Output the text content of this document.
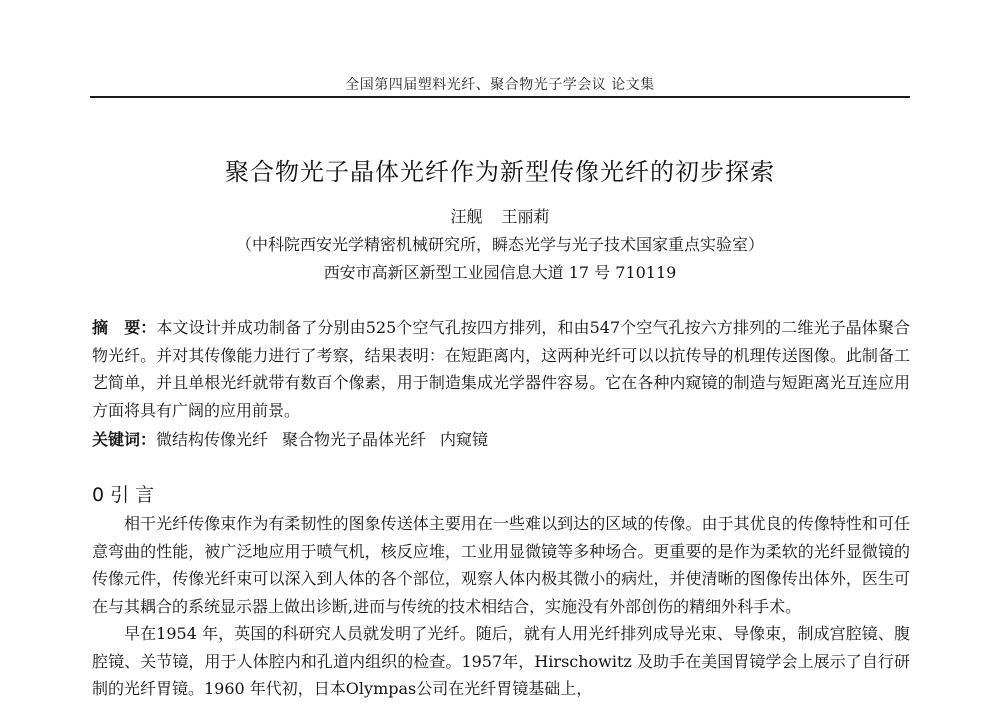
全国第四届塑料光纤、聚合物光子学会议 论文集
聚合物光子晶体光纤作为新型传像光纤的初步探索
汪舰 王丽莉
（中科院西安光学精密机械研究所，瞬态光学与光子技术国家重点实验室）
西安市高新区新型工业园信息大道 17 号 710119
摘　要：本文设计并成功制备了分别由525个空气孔按四方排列，和由547个空气孔按六方排列的二维光子晶体聚合物光纤。并对其传像能力进行了考察，结果表明：在短距离内，这两种光纤可以以抗传导的机理传送图像。此制备工艺简单，并且单根光纤就带有数百个像素，用于制造集成光学器件容易。它在各种内窥镜的制造与短距离光互连应用方面将具有广阔的应用前景。
关键词：微结构传像光纤 聚合物光子晶体光纤 内窥镜
0 引 言

相干光纤传像束作为有柔韧性的图象传送体主要用在一些难以到达的区域的传像。由于其优良的传像特性和可任意弯曲的性能，被广泛地应用于喷气机，核反应堆，工业用显微镜等多种场合。更重要的是作为柔软的光纤显微镜的传像元件，传像光纤束可以深入到人体的各个部位，观察人体内极其微小的病灶，并使清晰的图像传出体外，医生可在与其耦合的系统显示器上做出诊断,进而与传统的技术相结合，实施没有外部创伤的精细外科手术。

早在1954 年，英国的科研究人员就发明了光纤。随后，就有人用光纤排列成导光束、导像束，制成宫腔镜、腹腔镜、关节镜，用于人体腔内和孔道内组织的检查。1957年，Hirschowitz 及助手在美国胃镜学会上展示了自行研制的光纤胃镜。1960 年代初，日本Olympas公司在光纤胃镜基础上，
